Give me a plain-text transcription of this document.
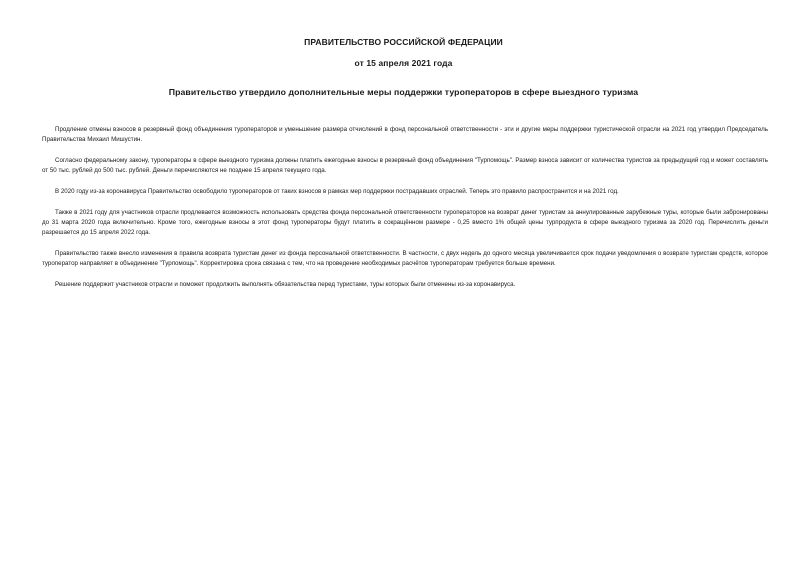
ПРАВИТЕЛЬСТВО РОССИЙСКОЙ ФЕДЕРАЦИИ
от 15 апреля 2021 года
Правительство утвердило дополнительные меры поддержки туроператоров в сфере выездного туризма

Продление отмены взносов в резервный фонд объединения туроператоров и уменьшение размера отчислений в фонд персональной ответственности - эти и другие меры поддержки туристической отрасли на 2021 год утвердил Председатель Правительства Михаил Мишустин.

Согласно федеральному закону, туроператоры в сфере выездного туризма должны платить ежегодные взносы в резервный фонд объединения "Турпомощь". Размер взноса зависит от количества туристов за предыдущий год и может составлять от 50 тыс. рублей до 500 тыс. рублей. Деньги перечисляются не позднее 15 апреля текущего года.

В 2020 году из-за коронавируса Правительство освободило туроператоров от таких взносов в рамках мер поддержки пострадавших отраслей. Теперь это правило распространится и на 2021 год.

Также в 2021 году для участников отрасли продлевается возможность использовать средства фонда персональной ответственности туроператоров на возврат денег туристам за аннулированные зарубежные туры, которые были забронированы до 31 марта 2020 года включительно. Кроме того, ежегодные взносы в этот фонд туроператоры будут платить в сокращённом размере - 0,25 вместо 1% общей цены турпродукта в сфере выездного туризма за 2020 год. Перечислить деньги разрешается до 15 апреля 2022 года.

Правительство также внесло изменения в правила возврата туристам денег из фонда персональной ответственности. В частности, с двух недель до одного месяца увеличивается срок подачи уведомления о возврате туристам средств, которое туроператор направляет в объединение "Турпомощь". Корректировка срока связана с тем, что на проведение необходимых расчётов туроператорам требуется больше времени.

Решение поддержит участников отрасли и поможет продолжить выполнять обязательства перед туристами, туры которых были отменены из-за коронавируса.
